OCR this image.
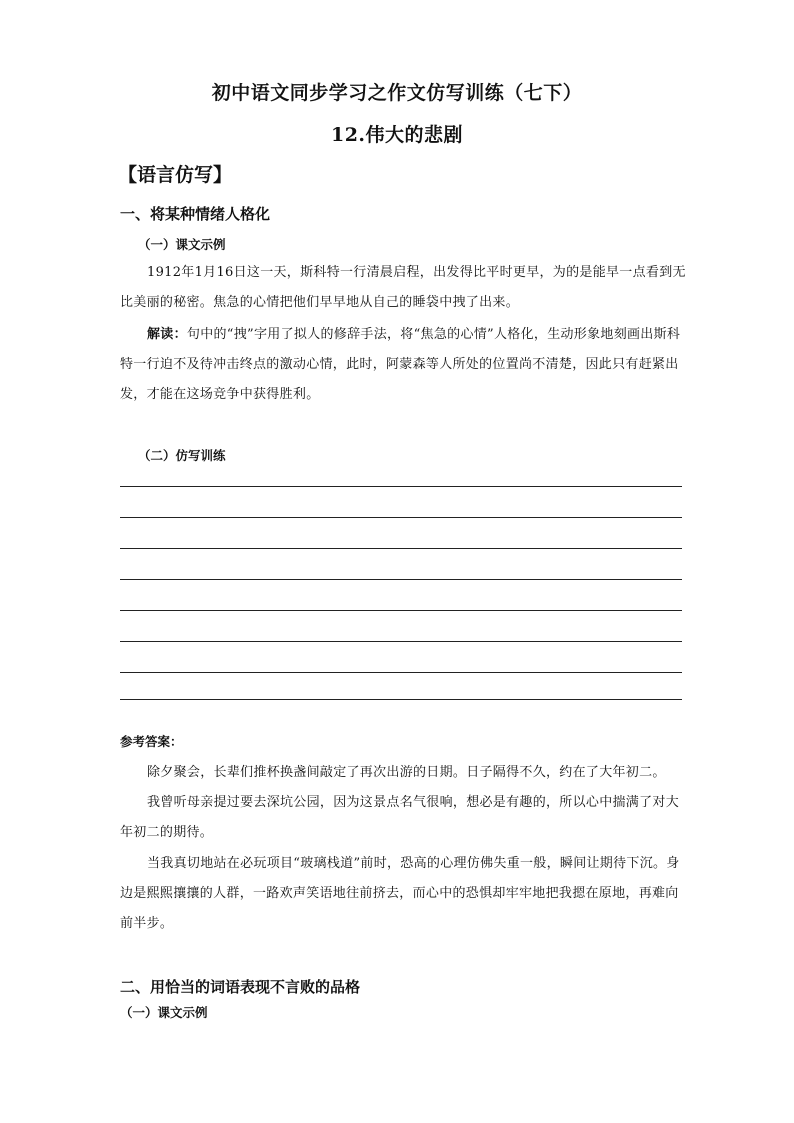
初中语文同步学习之作文仿写训练（七下）
12.伟大的悲剧
【语言仿写】
一、将某种情绪人格化
（一）课文示例
1912年1月16日这一天，斯科特一行清晨启程，出发得比平时更早，为的是能早一点看到无比美丽的秘密。焦急的心情把他们早早地从自己的睡袋中拽了出来。
解读：句中的“拽”字用了拟人的修辞手法，将“焦急的心情”人格化，生动形象地刻画出斯科特一行迫不及待冲击终点的激动心情，此时，阿蒙森等人所处的位置尚不清楚，因此只有赶紧出发，才能在这场竞争中获得胜利。
（二）仿写训练
参考答案：
除夕聚会，长辈们推杯换盏间敲定了再次出游的日期。日子隔得不久，约在了大年初二。
我曾听母亲提过要去深坑公园，因为这景点名气很响，想必是有趣的，所以心中揣满了对大年初二的期待。
当我真切地站在必玩项目“玻璃栈道”前时，恐高的心理仿佛失重一般，瞬间让期待下沉。身边是熙熙攘攘的人群，一路欢声笑语地往前挤去，而心中的恐惧却牢牢地把我摁在原地，再难向前半步。
二、用恰当的词语表现不言败的品格
（一）课文示例
